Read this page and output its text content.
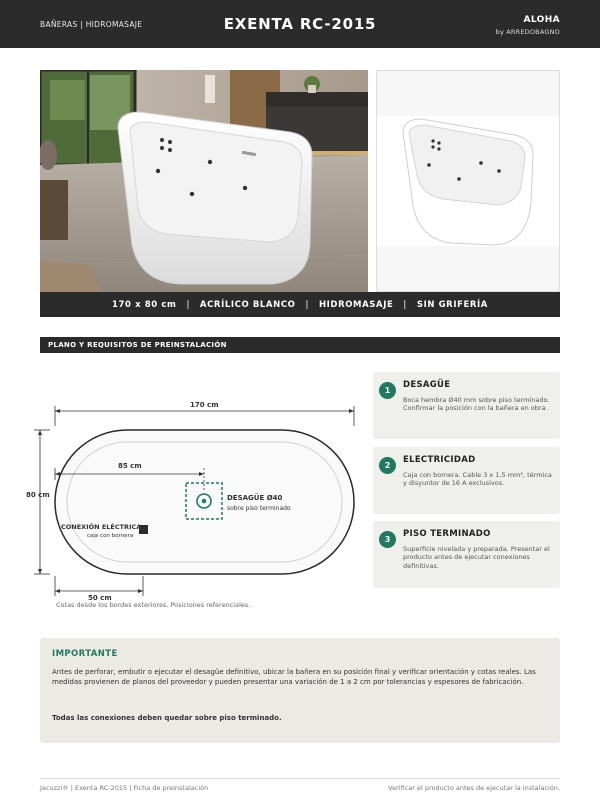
BAÑERAS | HIDROMASAJE	EXENTA RC-2015	ALOHA
by ARREDOBAGNO
170 x 80 cm | ACRÍLICO BLANCO | HIDROMASAJE | SIN GRIFERÍA
PLANO Y REQUISITOS DE PREINSTALACIÓN
170 cm
80 cm
85 cm
50 cm
DESAGÜE Ø40
sobre piso terminado
CONEXIÓN ELÉCTRICA
caja con bornera
Cotas desde los bordes exteriores. Posiciones referenciales.
1
DESAGÜE
Boca hembra Ø40 mm sobre piso terminado. Confirmar la posición con la bañera en obra.
2
ELECTRICIDAD
Caja con bornera. Cable 3 x 1,5 mm², térmica y disyuntor de 16 A exclusivos.
3
PISO TERMINADO
Superficie nivelada y preparada. Presentar el producto antes de ejecutar conexiones definitivas.
IMPORTANTE
Antes de perforar, embutir o ejecutar el desagüe definitivo, ubicar la bañera en su posición final y verificar orientación y cotas reales. Las medidas provienen de planos del proveedor y pueden presentar una variación de 1 a 2 cm por tolerancias y espesores de fabricación.
Todas las conexiones deben quedar sobre piso terminado.
Jacuzzi® | Exenta RC-2015 | Ficha de preinstalación	Verificar el producto antes de ejecutar la instalación.
